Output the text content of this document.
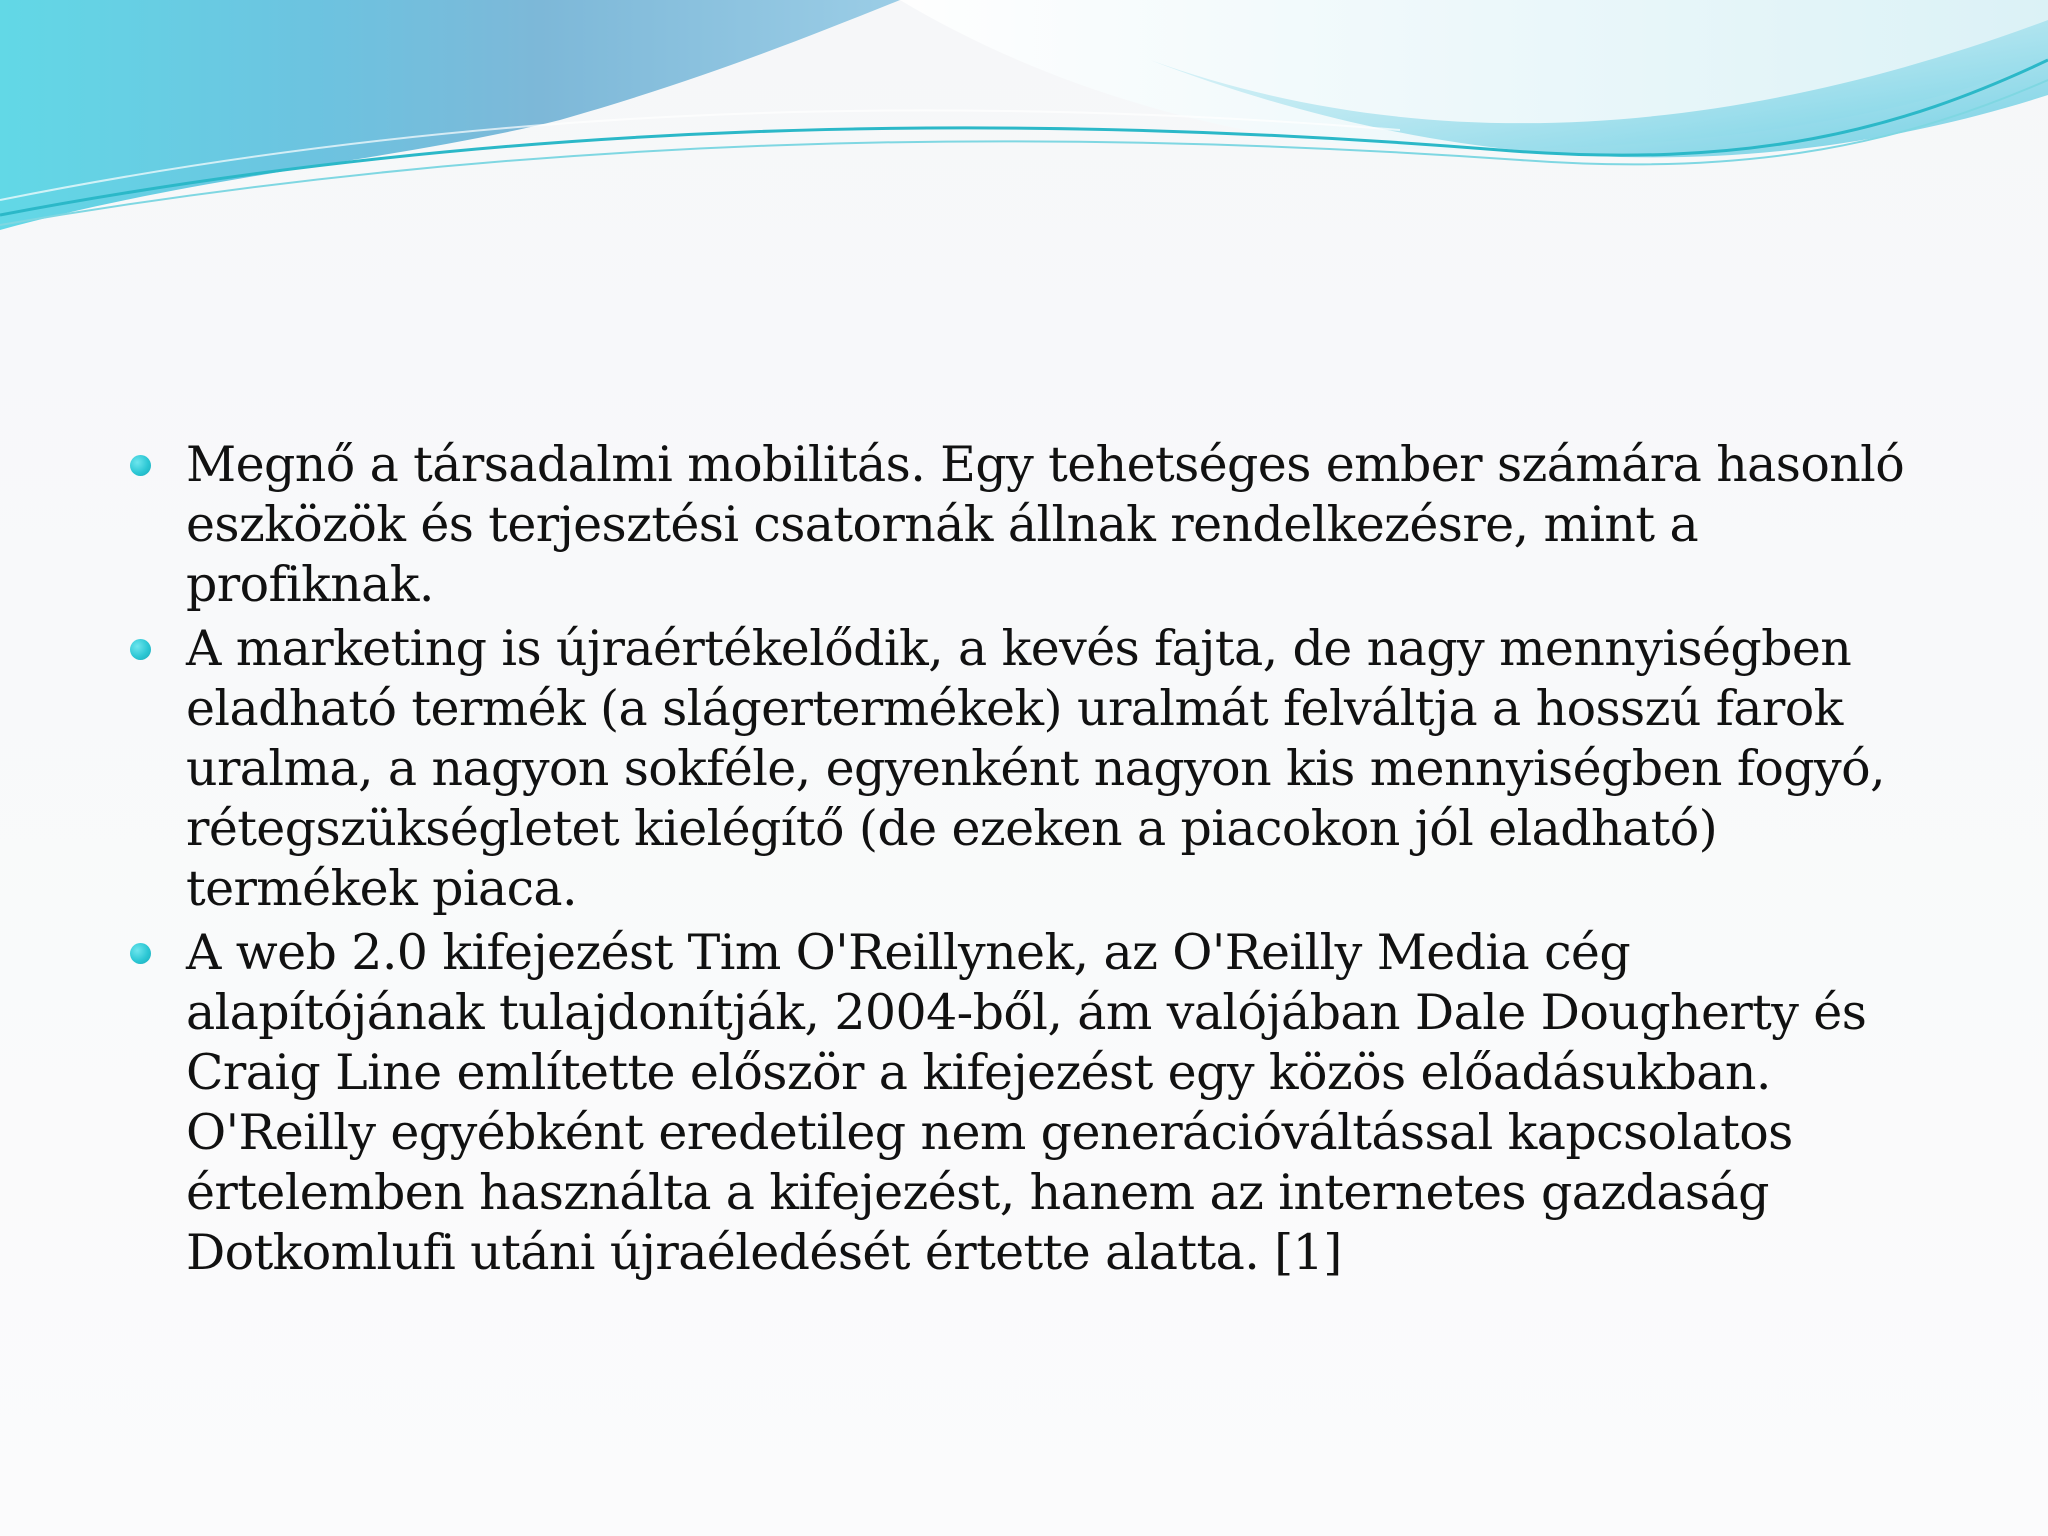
Megnő a társadalmi mobilitás. Egy tehetséges ember számára hasonló eszközök és terjesztési csatornák állnak rendelkezésre, mint a profiknak.
A marketing is újraértékelődik, a kevés fajta, de nagy mennyiségben eladható termék (a slágertermékek) uralmát felváltja a hosszú farok uralma, a nagyon sokféle, egyenként nagyon kis mennyiségben fogyó, rétegszükségletet kielégítő (de ezeken a piacokon jól eladható) termékek piaca.
A web 2.0 kifejezést Tim O'Reillynek, az O'Reilly Media cég alapítójának tulajdonítják, 2004-ből, ám valójában Dale Dougherty és Craig Line említette először a kifejezést egy közös előadásukban. O'Reilly egyébként eredetileg nem generációváltással kapcsolatos értelemben használta a kifejezést, hanem az internetes gazdaság Dotkomlufi utáni újraéledését értette alatta. [1]
